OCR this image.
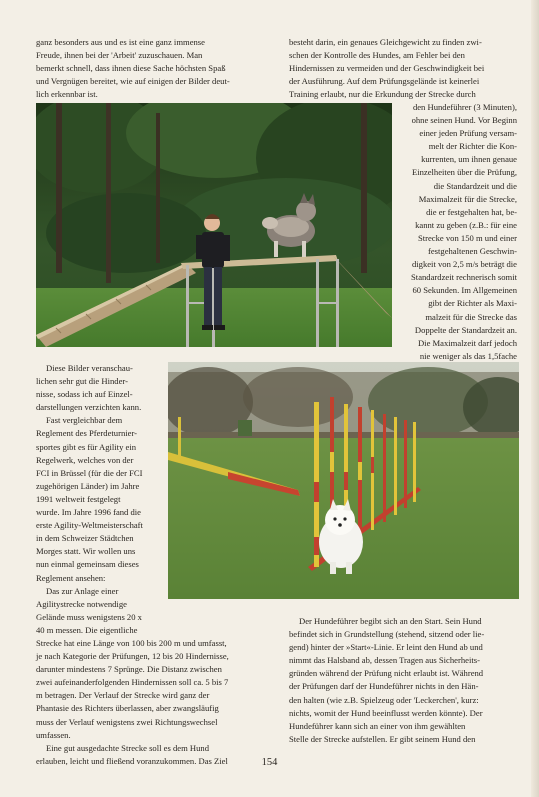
ganz besonders aus und es ist eine ganz immense

Freude, ihnen bei der 'Arbeit' zuzuschauen. Man

bemerkt schnell, dass ihnen diese Sache höchsten Spaß

und Vergnügen bereitet, wie auf einigen der Bilder deut-

lich erkennbar ist.

besteht darin, ein genaues Gleichgewicht zu finden zwi-

schen der Kontrolle des Hundes, am Fehler bei den

Hindernissen zu vermeiden und der Geschwindigkeit bei

der Ausführung. Auf dem Prüfungsgelände ist keinerlei

Training erlaubt, nur die Erkundung der Strecke durch

den Hundeführer (3 Minuten),

ohne seinen Hund. Vor Beginn

einer jeden Prüfung versam-

melt der Richter die Kon-

kurrenten, um ihnen genaue

Einzelheiten über die Prüfung,

die Standardzeit und die

Maximalzeit für die Strecke,

die er festgehalten hat, be-

kannt zu geben (z.B.: für eine

Strecke von 150 m und einer

festgehaltenen Geschwin-

digkeit von 2,5 m/s beträgt die

Standardzeit rechnerisch somit

60 Sekunden. Im Allgemeinen

gibt der Richter als Maxi-

malzeit für die Strecke das

Doppelte der Standardzeit an.

Die Maximalzeit darf jedoch

nie weniger als das 1,5fache

Diese Bilder veranschau-

lichen sehr gut die Hinder-

nisse, sodass ich auf Einzel-

darstellungen verzichten kann.

Fast vergleichbar dem

Reglement des Pferdeturnier-

sportes gibt es für Agility ein

Regelwerk, welches von der

FCI in Brüssel (für die der FCI

zugehörigen Länder) im Jahre

1991 weltweit festgelegt

wurde. Im Jahre 1996 fand die

erste Agility-Weltmeisterschaft

in dem Schweizer Städtchen

Morges statt. Wir wollen uns

nun einmal gemeinsam dieses

Reglement ansehen:

Das zur Anlage einer

Agilitystrecke notwendige

Gelände muss wenigstens 20 x

40 m messen. Die eigentliche

Strecke hat eine Länge von 100 bis 200 m und umfasst,

je nach Kategorie der Prüfungen, 12 bis 20 Hindernisse,

darunter mindestens 7 Sprünge. Die Distanz zwischen

zwei aufeinanderfolgenden Hindernissen soll ca. 5 bis 7

m betragen. Der Verlauf der Strecke wird ganz der

Phantasie des Richters überlassen, aber zwangsläufig

muss der Verlauf wenigstens zwei Richtungswechsel

umfassen.

Eine gut ausgedachte Strecke soll es dem Hund

erlauben, leicht und fließend voranzukommen. Das Ziel

Der Hundeführer begibt sich an den Start. Sein Hund

befindet sich in Grundstellung (stehend, sitzend oder lie-

gend) hinter der »Start«-Linie. Er leint den Hund ab und

nimmt das Halsband ab, dessen Tragen aus Sicherheits-

gründen während der Prüfung nicht erlaubt ist. Während

der Prüfungen darf der Hundeführer nichts in den Hän-

den halten (wie z.B. Spielzeug oder 'Leckerchen', kurz:

nichts, womit der Hund beeinflusst werden könnte). Der

Hundeführer kann sich an einer von ihm gewählten

Stelle der Strecke aufstellen. Er gibt seinem Hund den

154
